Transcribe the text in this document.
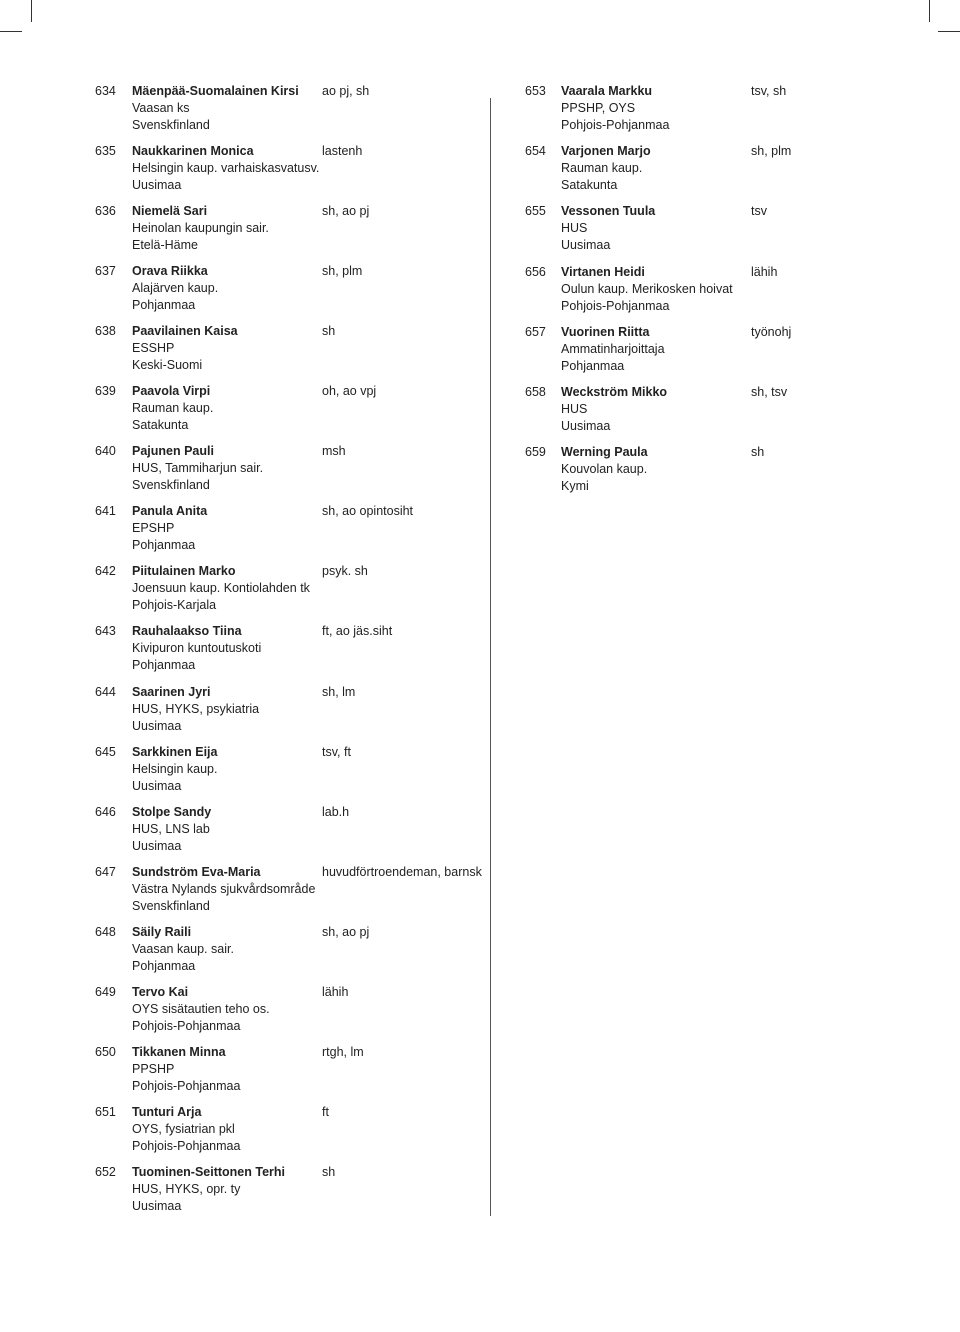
634 Mäenpää-Suomalainen Kirsi
Vaasan ks
Svenskfinland
ao pj, sh
635 Naukkarinen Monica
Helsingin kaup. varhaiskasvatusv.
Uusimaa
lastenh
636 Niemelä Sari
Heinolan kaupungin sair.
Etelä-Häme
sh, ao pj
637 Orava Riikka
Alajärven kaup.
Pohjanmaa
sh, plm
638 Paavilainen Kaisa
ESSHP
Keski-Suomi
sh
639 Paavola Virpi
Rauman kaup.
Satakunta
oh, ao vpj
640 Pajunen Pauli
HUS, Tammiharjun sair.
Svenskfinland
msh
641 Panula Anita
EPSHP
Pohjanmaa
sh, ao opintosiht
642 Piitulainen Marko
Joensuun kaup. Kontiolahden tk
Pohjois-Karjala
psyk. sh
643 Rauhalaakso Tiina
Kivipuron kuntoutuskoti
Pohjanmaa
ft, ao jäs.siht
644 Saarinen Jyri
HUS, HYKS, psykiatria
Uusimaa
sh, lm
645 Sarkkinen Eija
Helsingin kaup.
Uusimaa
tsv, ft
646 Stolpe Sandy
HUS, LNS lab
Uusimaa
lab.h
647 Sundström Eva-Maria
Västra Nylands sjukvårdsområde
Svenskfinland
huvudförtroendeman, barnsk
648 Säily Raili
Vaasan kaup. sair.
Pohjanmaa
sh, ao pj
649 Tervo Kai
OYS sisätautien teho os.
Pohjois-Pohjanmaa
lähih
650 Tikkanen Minna
PPSHP
Pohjois-Pohjanmaa
rtgh, lm
651 Tunturi Arja
OYS, fysiatrian pkl
Pohjois-Pohjanmaa
ft
652 Tuominen-Seittonen Terhi
HUS, HYKS, opr. ty
Uusimaa
sh
653 Vaarala Markku
PPSHP, OYS
Pohjois-Pohjanmaa
tsv, sh
654 Varjonen Marjo
Rauman kaup.
Satakunta
sh, plm
655 Vessonen Tuula
HUS
Uusimaa
tsv
656 Virtanen Heidi
Oulun kaup. Merikosken hoivat
Pohjois-Pohjanmaa
lähih
657 Vuorinen Riitta
Ammatinharjoittaja
Pohjanmaa
työnohj
658 Weckström Mikko
HUS
Uusimaa
sh, tsv
659 Werning Paula
Kouvolan kaup.
Kymi
sh
